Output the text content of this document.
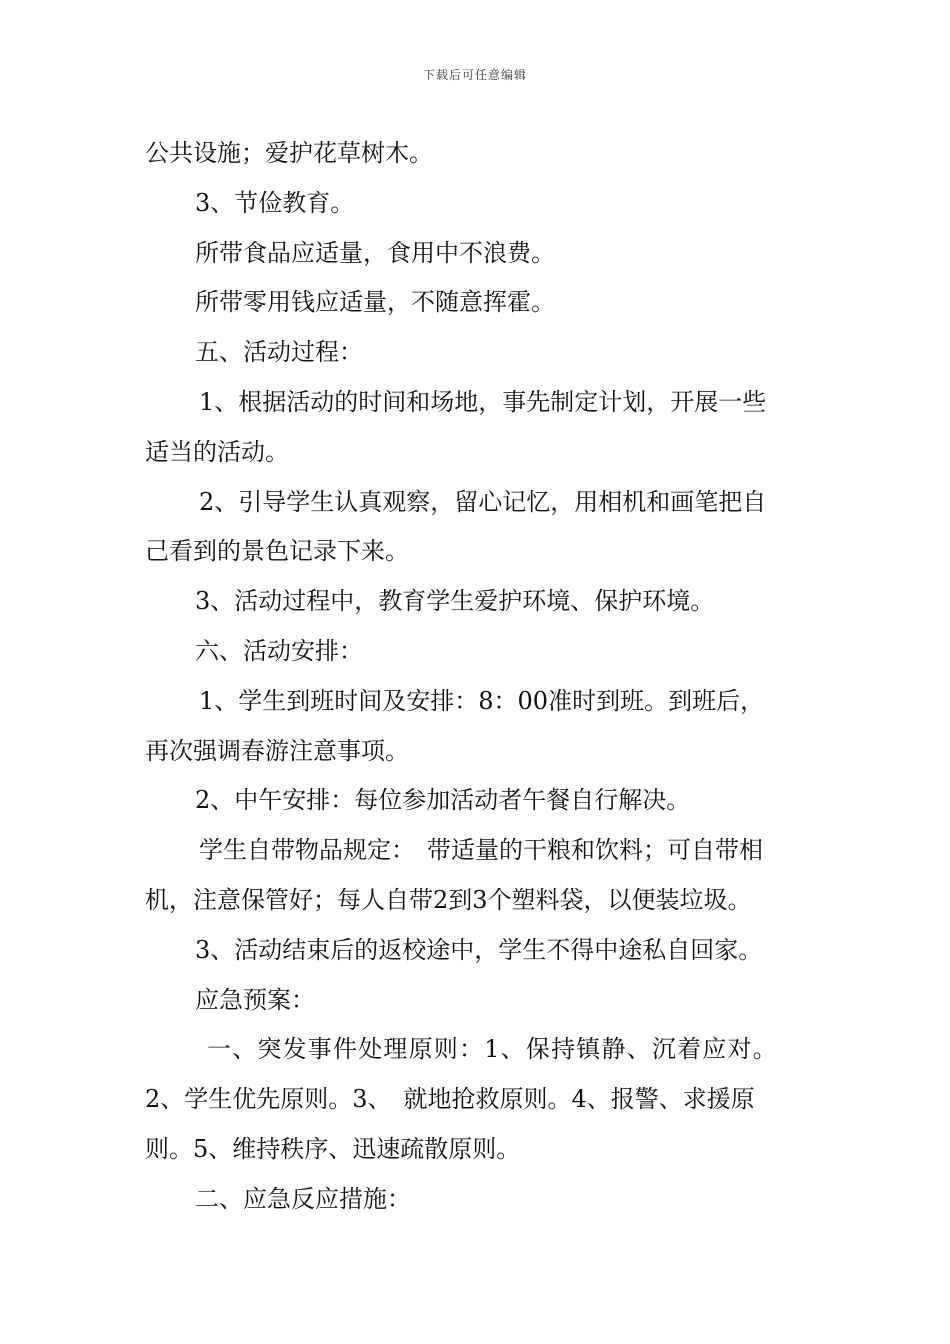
下载后可任意编辑
公共设施；爱护花草树木。
3、节俭教育。
所带食品应适量，食用中不浪费。
所带零用钱应适量，不随意挥霍。
五、活动过程：
1、根据活动的时间和场地，事先制定计划，开展一些
适当的活动。
2、引导学生认真观察，留心记忆，用相机和画笔把自
己看到的景色记录下来。
3、活动过程中，教育学生爱护环境、保护环境。
六、活动安排：
1、学生到班时间及安排：8：00准时到班。到班后，
再次强调春游注意事项。
2、中午安排：每位参加活动者午餐自行解决。
学生自带物品规定：　带适量的干粮和饮料；可自带相
机，注意保管好；每人自带2到3个塑料袋，以便装垃圾。
3、活动结束后的返校途中，学生不得中途私自回家。
应急预案：
一、突发事件处理原则：1、保持镇静、沉着应对。
2、学生优先原则。3、　就地抢救原则。4、报警、求援原
则。5、维持秩序、迅速疏散原则。
二、应急反应措施：
